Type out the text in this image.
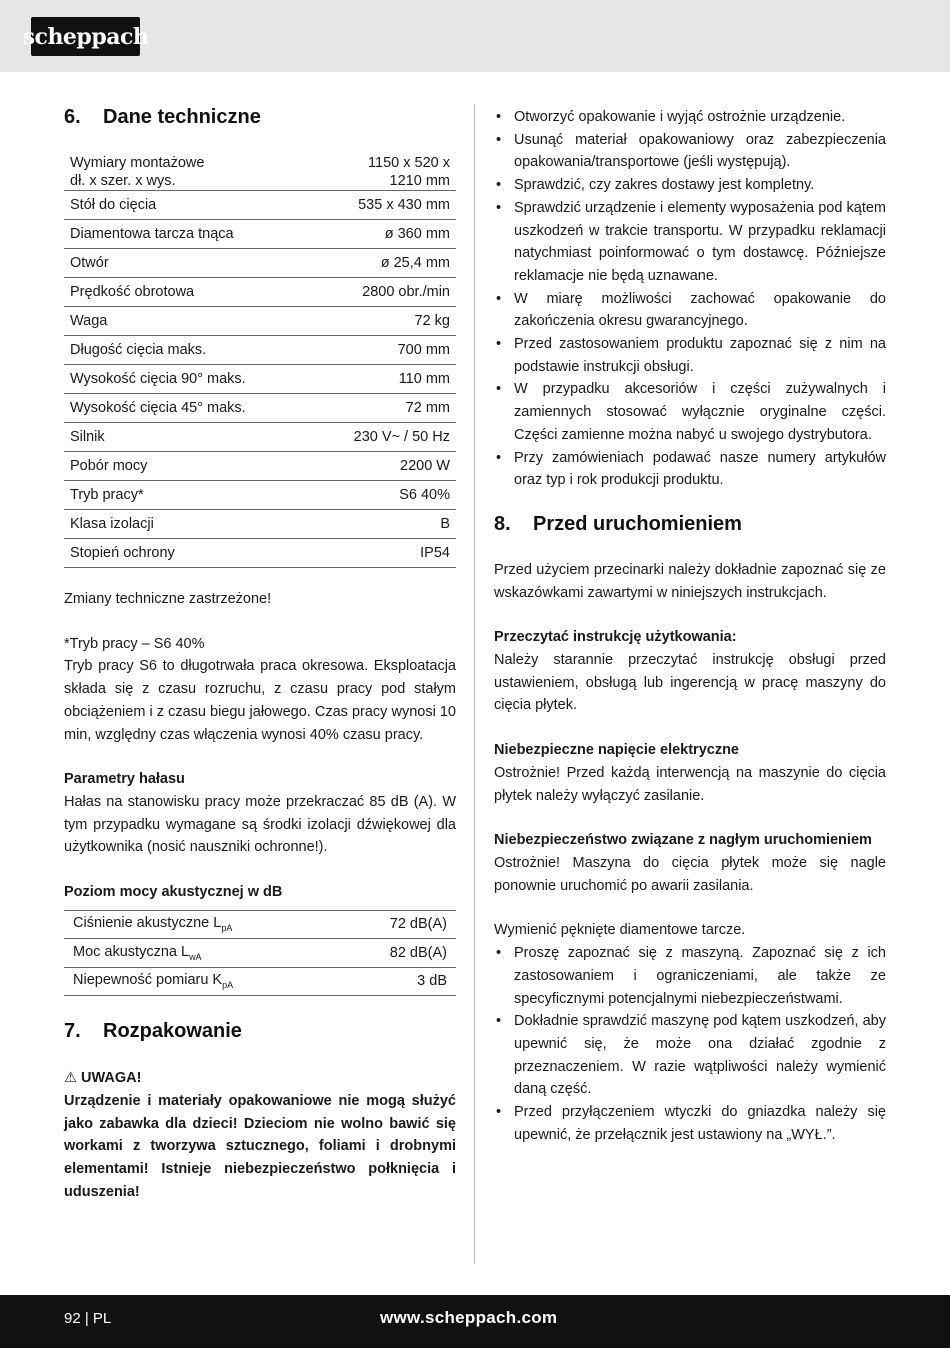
scheppach
6.	Dane techniczne
Wymiary montażowe
dł. x szer. x wys.	1150 x 520 x
1210 mm
Stół do cięcia	535 x 430 mm
Diamentowa tarcza tnąca	ø 360 mm
Otwór	ø 25,4 mm
Prędkość obrotowa	2800 obr./min
Waga	72 kg
Długość cięcia maks.	700 mm
Wysokość cięcia 90° maks.	110 mm
Wysokość cięcia 45° maks.	72 mm
Silnik	230 V~ / 50 Hz
Pobór mocy	2200 W
Tryb pracy*	S6 40%
Klasa izolacji	B
Stopień ochrony	IP54

Zmiany techniczne zastrzeżone!

*Tryb pracy – S6 40%

Tryb pracy S6 to długotrwała praca okresowa. Eksploatacja składa się z czasu rozruchu, z czasu pracy pod stałym obciążeniem i z czasu biegu jałowego. Czas pracy wynosi 10 min, względny czas włączenia wynosi 40% czasu pracy.

Parametry hałasu

Hałas na stanowisku pracy może przekraczać 85 dB (A). W tym przypadku wymagane są środki izolacji dźwiękowej dla użytkownika (nosić nauszniki ochronne!).

Poziom mocy akustycznej w dB

Ciśnienie akustyczne $L_{pA}$	72 dB(A)
Moc akustyczna $L_{wA}$	82 dB(A)
Niepewność pomiaru $K_{pA}$	3 dB
7.	Rozpakowanie

⚠ UWAGA!

Urządzenie i materiały opakowaniowe nie mogą służyć jako zabawka dla dzieci! Dzieciom nie wolno bawić się workami z tworzywa sztucznego, foliami i drobnymi elementami! Istnieje niebezpieczeństwo połknięcia i uduszenia!

• Otworzyć opakowanie i wyjąć ostrożnie urządzenie.
• Usunąć materiał opakowaniowy oraz zabezpieczenia opakowania/transportowe (jeśli występują).
• Sprawdzić, czy zakres dostawy jest kompletny.
• Sprawdzić urządzenie i elementy wyposażenia pod kątem uszkodzeń w trakcie transportu. W przypadku reklamacji natychmiast poinformować o tym dostawcę. Późniejsze reklamacje nie będą uznawane.
• W miarę możliwości zachować opakowanie do zakończenia okresu gwarancyjnego.
• Przed zastosowaniem produktu zapoznać się z nim na podstawie instrukcji obsługi.
• W przypadku akcesoriów i części zużywalnych i zamiennych stosować wyłącznie oryginalne części. Części zamienne można nabyć u swojego dystrybutora.
• Przy zamówieniach podawać nasze numery artykułów oraz typ i rok produkcji produktu.
8.	Przed uruchomieniem

Przed użyciem przecinarki należy dokładnie zapoznać się ze wskazówkami zawartymi w niniejszych instrukcjach.

Przeczytać instrukcję użytkowania:

Należy starannie przeczytać instrukcję obsługi przed ustawieniem, obsługą lub ingerencją w pracę maszyny do cięcia płytek.

Niebezpieczne napięcie elektryczne

Ostrożnie! Przed każdą interwencją na maszynie do cięcia płytek należy wyłączyć zasilanie.

Niebezpieczeństwo związane z nagłym uruchomieniem

Ostrożnie! Maszyna do cięcia płytek może się nagle ponownie uruchomić po awarii zasilania.

Wymienić pęknięte diamentowe tarcze.

• Proszę zapoznać się z maszyną. Zapoznać się z ich zastosowaniem i ograniczeniami, ale także ze specyficznymi potencjalnymi niebezpieczeństwami.
• Dokładnie sprawdzić maszynę pod kątem uszkodzeń, aby upewnić się, że może ona działać zgodnie z przeznaczeniem. W razie wątpliwości należy wymienić daną część.
• Przed przyłączeniem wtyczki do gniazdka należy się upewnić, że przełącznik jest ustawiony na „WYŁ.”.
92 | PL	www.scheppach.com
